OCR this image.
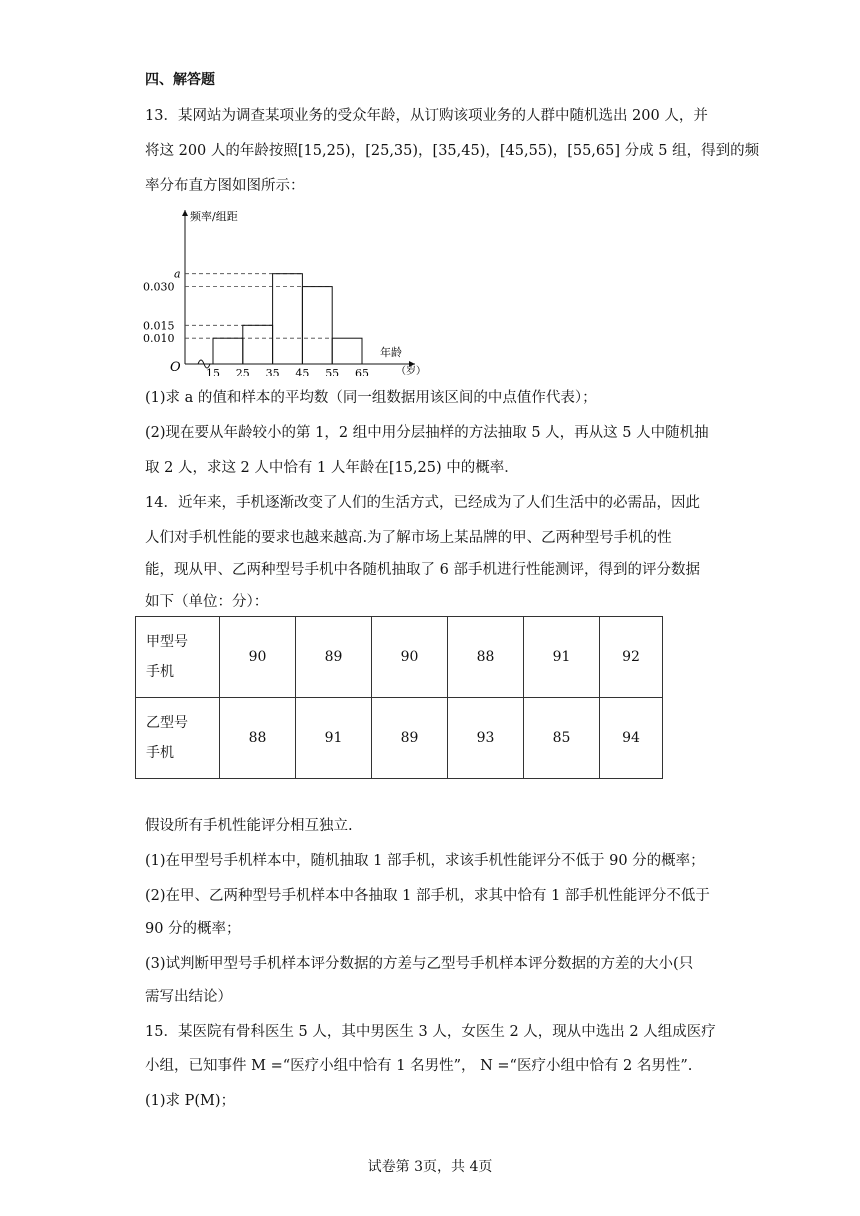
四、解答题
13．某网站为调查某项业务的受众年龄，从订购该项业务的人群中随机选出 200 人，并
将这 200 人的年龄按照[15,25)，[25,35)，[35,45)，[45,55)，[55,65] 分成 5 组，得到的频
率分布直方图如图所示：
频率/组距
年龄
（岁）
O
a
0.030
0.015
0.010
15 25 35 45 55 65
(1)求 a 的值和样本的平均数（同一组数据用该区间的中点值作代表）；
(2)现在要从年龄较小的第 1，2 组中用分层抽样的方法抽取 5 人，再从这 5 人中随机抽
取 2 人，求这 2 人中恰有 1 人年龄在[15,25) 中的概率．
14．近年来，手机逐渐改变了人们的生活方式，已经成为了人们生活中的必需品，因此
人们对手机性能的要求也越来越高.为了解市场上某品牌的甲、乙两种型号手机的性
能，现从甲、乙两种型号手机中各随机抽取了 6 部手机进行性能测评，得到的评分数据
如下（单位：分）：
甲型号
手机	90	89	90	88	91	92

乙型号
手机	88	91	89	93	85	94
假设所有手机性能评分相互独立.
(1)在甲型号手机样本中，随机抽取 1 部手机，求该手机性能评分不低于 90 分的概率；
(2)在甲、乙两种型号手机样本中各抽取 1 部手机，求其中恰有 1 部手机性能评分不低于
90 分的概率；
(3)试判断甲型号手机样本评分数据的方差与乙型号手机样本评分数据的方差的大小(只
需写出结论）
15．某医院有骨科医生 5 人，其中男医生 3 人，女医生 2 人，现从中选出 2 人组成医疗
小组，已知事件 M =“医疗小组中恰有 1 名男性”， N =“医疗小组中恰有 2 名男性”.
(1)求 P(M)；
试卷第 3页，共 4页
